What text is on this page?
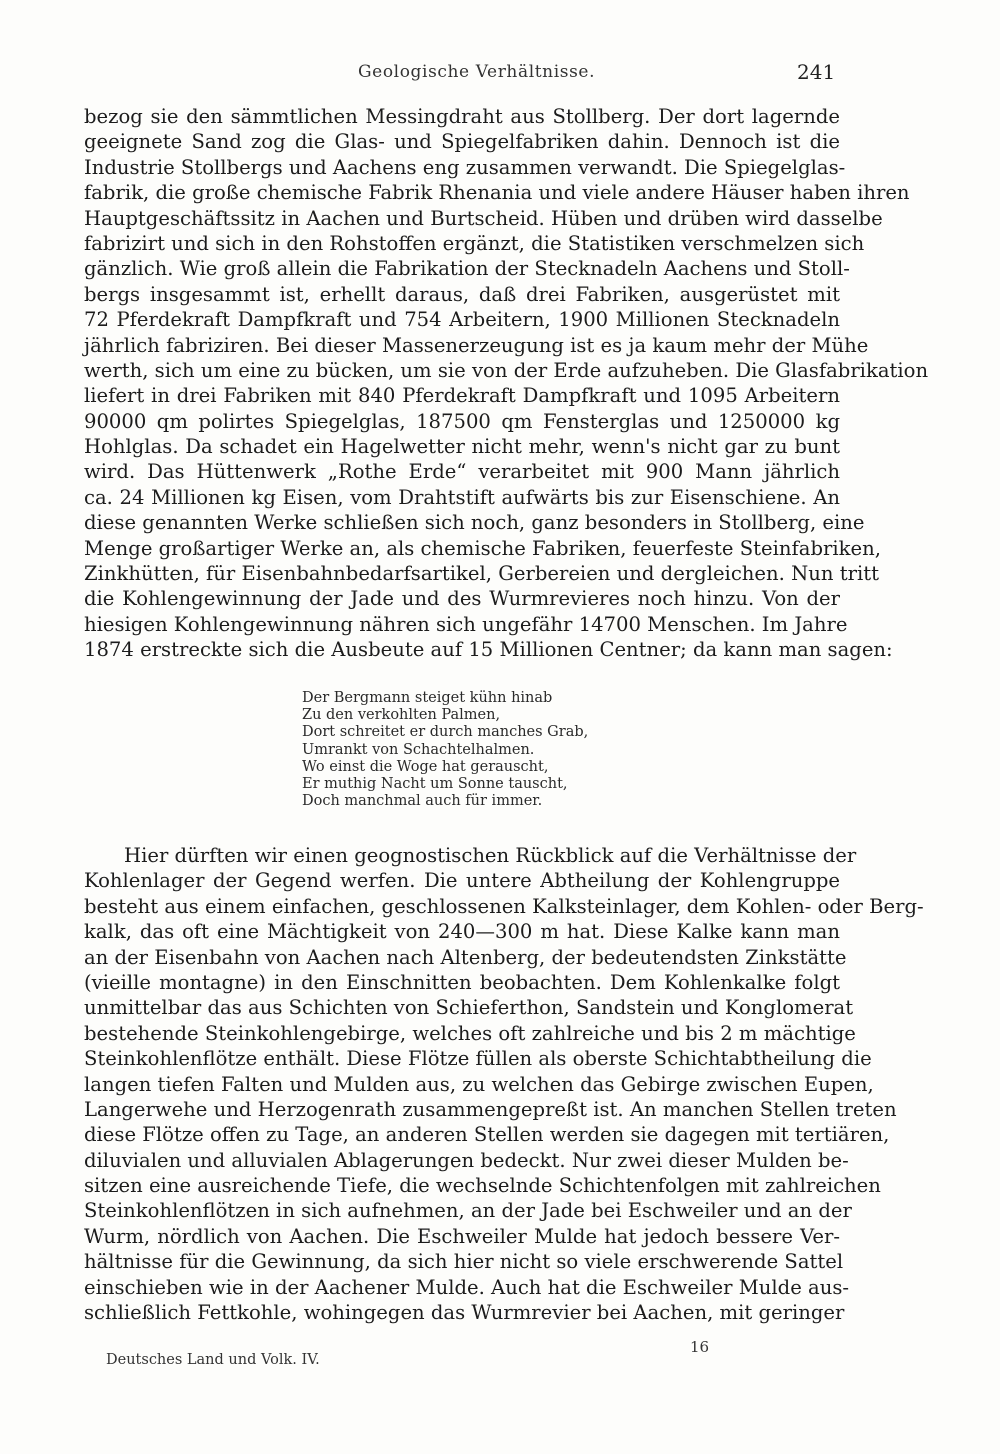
Geologische Verhältnisse.	241
bezog sie den sämmtlichen Messingdraht aus Stollberg. Der dort lagernde
geeignete Sand zog die Glas- und Spiegelfabriken dahin. Dennoch ist die
Industrie Stollbergs und Aachens eng zusammen verwandt. Die Spiegelglas-
fabrik, die große chemische Fabrik Rhenania und viele andere Häuser haben ihren
Hauptgeschäftssitz in Aachen und Burtscheid. Hüben und drüben wird dasselbe
fabrizirt und sich in den Rohstoffen ergänzt, die Statistiken verschmelzen sich
gänzlich. Wie groß allein die Fabrikation der Stecknadeln Aachens und Stoll-
bergs insgesammt ist, erhellt daraus, daß drei Fabriken, ausgerüstet mit
72 Pferdekraft Dampfkraft und 754 Arbeitern, 1900 Millionen Stecknadeln
jährlich fabriziren. Bei dieser Massenerzeugung ist es ja kaum mehr der Mühe
werth, sich um eine zu bücken, um sie von der Erde aufzuheben. Die Glasfabrikation
liefert in drei Fabriken mit 840 Pferdekraft Dampfkraft und 1095 Arbeitern
90000 qm polirtes Spiegelglas, 187500 qm Fensterglas und 1250000 kg
Hohlglas. Da schadet ein Hagelwetter nicht mehr, wenn's nicht gar zu bunt
wird. Das Hüttenwerk „Rothe Erde“ verarbeitet mit 900 Mann jährlich
ca. 24 Millionen kg Eisen, vom Drahtstift aufwärts bis zur Eisenschiene. An
diese genannten Werke schließen sich noch, ganz besonders in Stollberg, eine
Menge großartiger Werke an, als chemische Fabriken, feuerfeste Steinfabriken,
Zinkhütten, für Eisenbahnbedarfsartikel, Gerbereien und dergleichen. Nun tritt
die Kohlengewinnung der Jade und des Wurmrevieres noch hinzu. Von der
hiesigen Kohlengewinnung nähren sich ungefähr 14700 Menschen. Im Jahre
1874 erstreckte sich die Ausbeute auf 15 Millionen Centner; da kann man sagen:
Der Bergmann steiget kühn hinab
Zu den verkohlten Palmen,
Dort schreitet er durch manches Grab,
Umrankt von Schachtelhalmen.
Wo einst die Woge hat gerauscht,
Er muthig Nacht um Sonne tauscht,
Doch manchmal auch für immer.
Hier dürften wir einen geognostischen Rückblick auf die Verhältnisse der
Kohlenlager der Gegend werfen. Die untere Abtheilung der Kohlengruppe
besteht aus einem einfachen, geschlossenen Kalksteinlager, dem Kohlen- oder Berg-
kalk, das oft eine Mächtigkeit von 240—300 m hat. Diese Kalke kann man
an der Eisenbahn von Aachen nach Altenberg, der bedeutendsten Zinkstätte
(vieille montagne) in den Einschnitten beobachten. Dem Kohlenkalke folgt
unmittelbar das aus Schichten von Schieferthon, Sandstein und Konglomerat
bestehende Steinkohlengebirge, welches oft zahlreiche und bis 2 m mächtige
Steinkohlenflötze enthält. Diese Flötze füllen als oberste Schichtabtheilung die
langen tiefen Falten und Mulden aus, zu welchen das Gebirge zwischen Eupen,
Langerwehe und Herzogenrath zusammengepreßt ist. An manchen Stellen treten
diese Flötze offen zu Tage, an anderen Stellen werden sie dagegen mit tertiären,
diluvialen und alluvialen Ablagerungen bedeckt. Nur zwei dieser Mulden be-
sitzen eine ausreichende Tiefe, die wechselnde Schichtenfolgen mit zahlreichen
Steinkohlenflötzen in sich aufnehmen, an der Jade bei Eschweiler und an der
Wurm, nördlich von Aachen. Die Eschweiler Mulde hat jedoch bessere Ver-
hältnisse für die Gewinnung, da sich hier nicht so viele erschwerende Sattel
einschieben wie in der Aachener Mulde. Auch hat die Eschweiler Mulde aus-
schließlich Fettkohle, wohingegen das Wurmrevier bei Aachen, mit geringer
Deutsches Land und Volk. IV.
16
